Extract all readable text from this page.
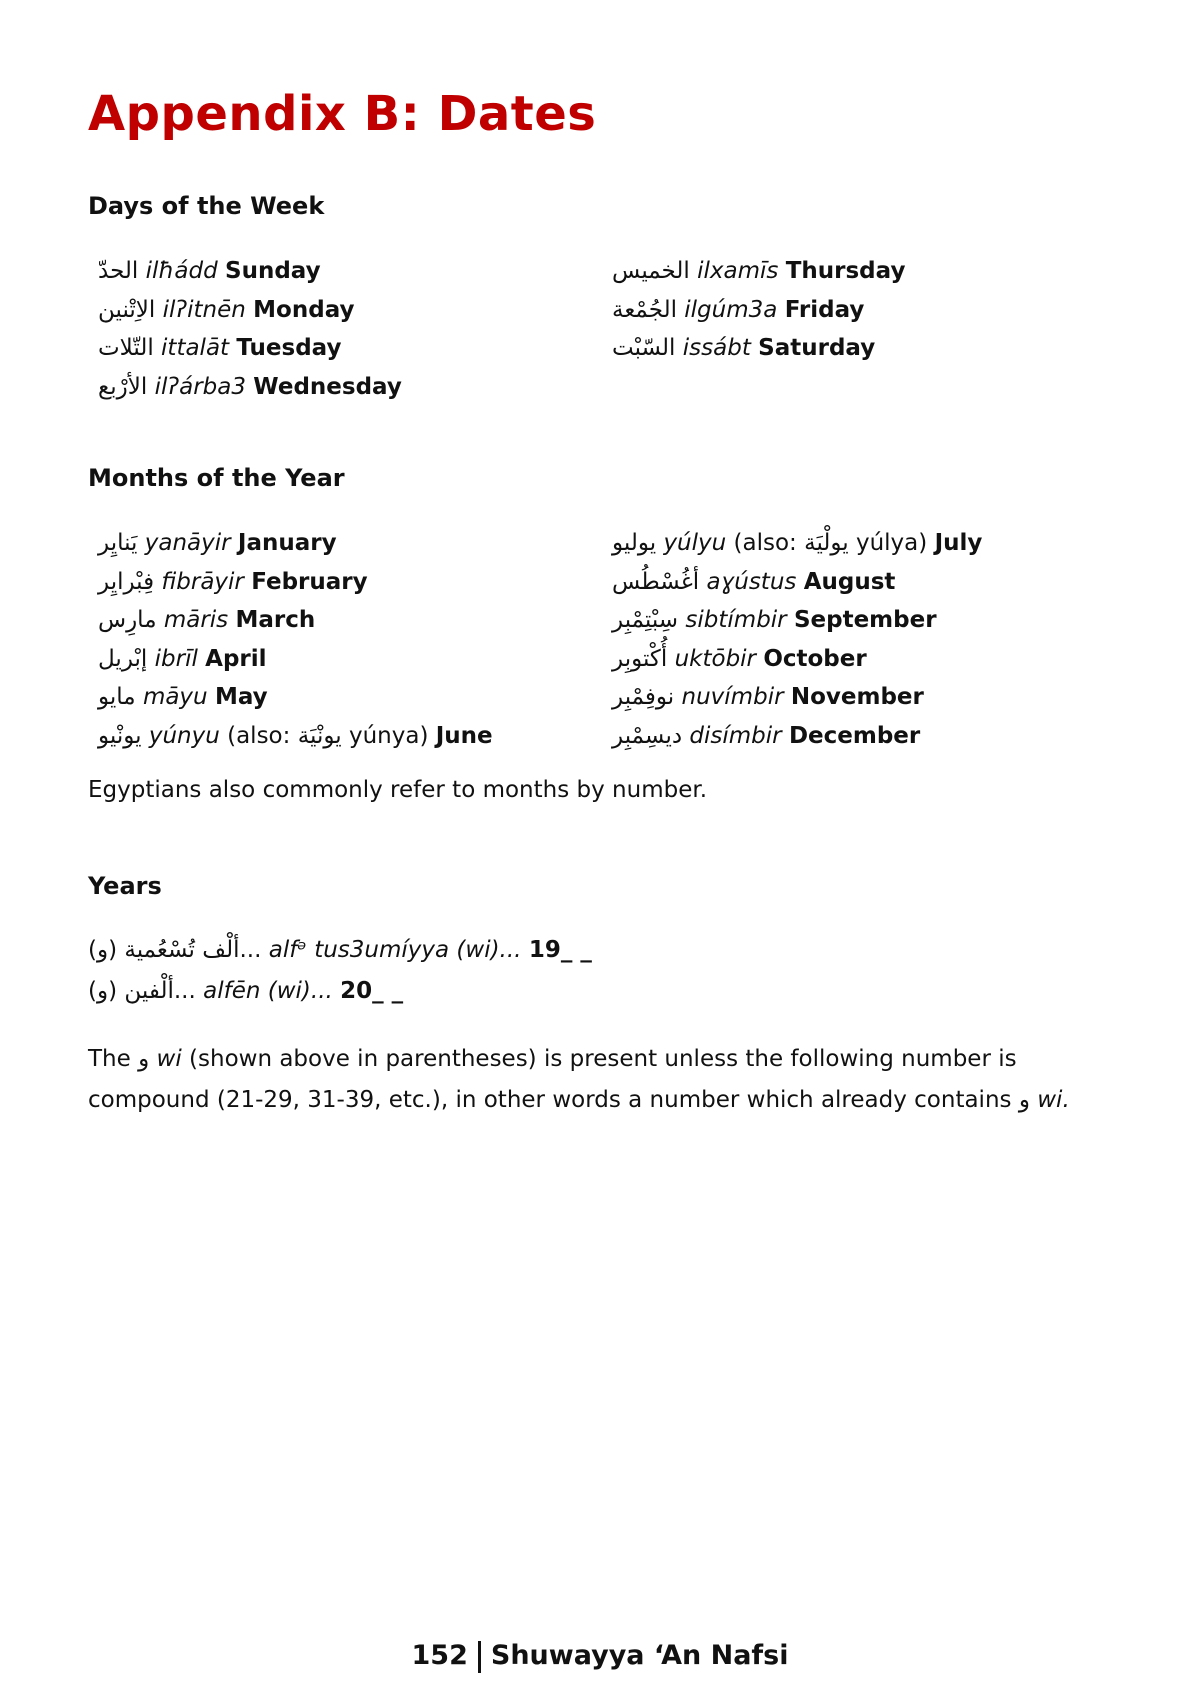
Appendix B: Dates
Days of the Week
الحدّ ilħádd Sunday
الاِتْنين ilʔitnēn Monday
التّلات ittalāt Tuesday
الأرْبع ilʔárba3 Wednesday
الخميس ilxamīs Thursday
الجُمْعة ilgúm3a Friday
السّبْت issábt Saturday
Months of the Year
يَنايِر yanāyir January
فِبْرايِر fibrāyir February
مارِس māris March
إبْريل ibrīl April
مايو māyu May
يونْيو yúnyu (also: يونْيَة yúnya) June
يوليو yúlyu (also: يولْيَة yúlya) July
أغُسْطُس aɣústus August
سِبْتِمْبِر sibtímbir September
أُكْتوبِر uktōbir October
نوفِمْبِر nuvímbir November
ديسِمْبِر disímbir December
Egyptians also commonly refer to months by number.
Years
ألْف تُسْعُمية (و)... alfᵊ tus3umíyya (wi)... 19_ _
ألْفين (و)... alfēn (wi)... 20_ _
The و wi (shown above in parentheses) is present unless the following number is compound (21-29, 31-39, etc.), in other words a number which already contains و wi.
152 Shuwayya ‘An Nafsi
